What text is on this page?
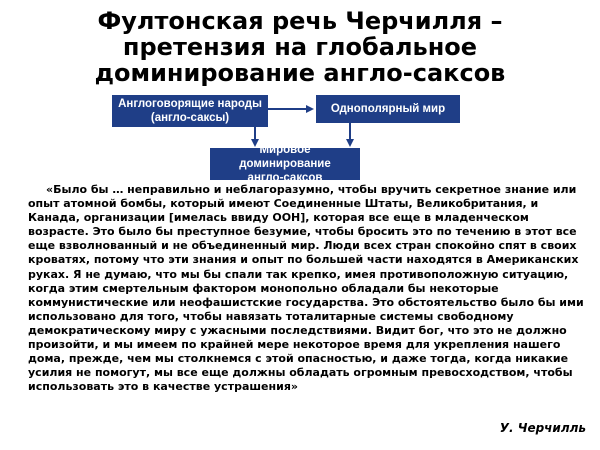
Фултонская речь Черчилля –
претензия на глобальное
доминирование англо-саксов
Англоговорящие народы
(англо-саксы)
Однополярный мир
Мировое доминирование
англо-саксов

«Было бы … неправильно и неблагоразумно, чтобы вручить секретное знание или опыт атомной бомбы, который имеют Соединенные Штаты, Великобритания, и Канада, организации [имелась ввиду ООН], которая все еще в младенческом возрасте. Это было бы преступное безумие, чтобы бросить это по течению в этот все еще взволнованный и не объединенный мир. Люди всех стран спокойно спят в своих кроватях, потому что эти знания и опыт по большей части находятся в Американских руках. Я не думаю, что мы бы спали так крепко, имея противоположную ситуацию, когда этим смертельным фактором монопольно обладали бы некоторые коммунистические или неофашистские государства. Это обстоятельство было бы ими использовано для того, чтобы навязать тоталитарные системы свободному демократическому миру с ужасными последствиями. Видит бог, что это не должно произойти, и мы имеем по крайней мере некоторое время для укрепления нашего дома, прежде, чем мы столкнемся с этой опасностью, и даже тогда, когда никакие усилия не помогут, мы все еще должны обладать огромным превосходством, чтобы использовать это в качестве устрашения»

У. Черчилль
